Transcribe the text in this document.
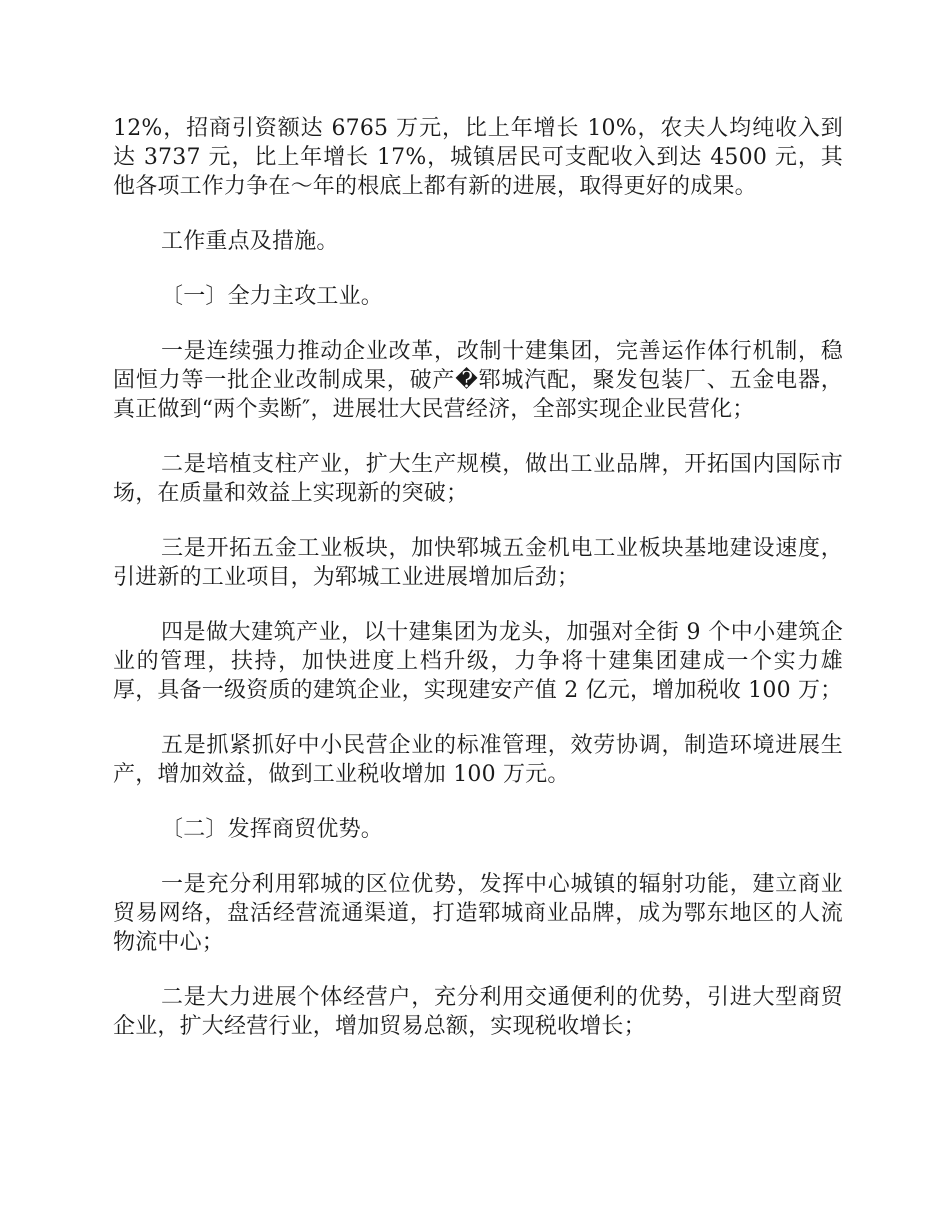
12%，招商引资额达 6765 万元，比上年增长 10%，农夫人均纯收入到达 3737 元，比上年增长 17%，城镇居民可支配收入到达 4500 元，其他各项工作力争在～年的根底上都有新的进展，取得更好的成果。

工作重点及措施。

〔一〕全力主攻工业。

一是连续强力推动企业改革，改制十建集团，完善运作体行机制，稳固恒力等一批企业改制成果，破产�郓城汽配，聚发包装厂、五金电器，真正做到“两个卖断″，进展壮大民营经济，全部实现企业民营化；

二是培植支柱产业，扩大生产规模，做出工业品牌，开拓国内国际市场，在质量和效益上实现新的突破；

三是开拓五金工业板块，加快郓城五金机电工业板块基地建设速度，引进新的工业项目，为郓城工业进展增加后劲；

四是做大建筑产业，以十建集团为龙头，加强对全街 9 个中小建筑企业的管理，扶持，加快进度上档升级，力争将十建集团建成一个实力雄厚，具备一级资质的建筑企业，实现建安产值 2 亿元，增加税收 100 万；

五是抓紧抓好中小民营企业的标准管理，效劳协调，制造环境进展生产，增加效益，做到工业税收增加 100 万元。

〔二〕发挥商贸优势。

一是充分利用郓城的区位优势，发挥中心城镇的辐射功能，建立商业贸易网络，盘活经营流通渠道，打造郓城商业品牌，成为鄂东地区的人流物流中心；

二是大力进展个体经营户，充分利用交通便利的优势，引进大型商贸企业，扩大经营行业，增加贸易总额，实现税收增长；
